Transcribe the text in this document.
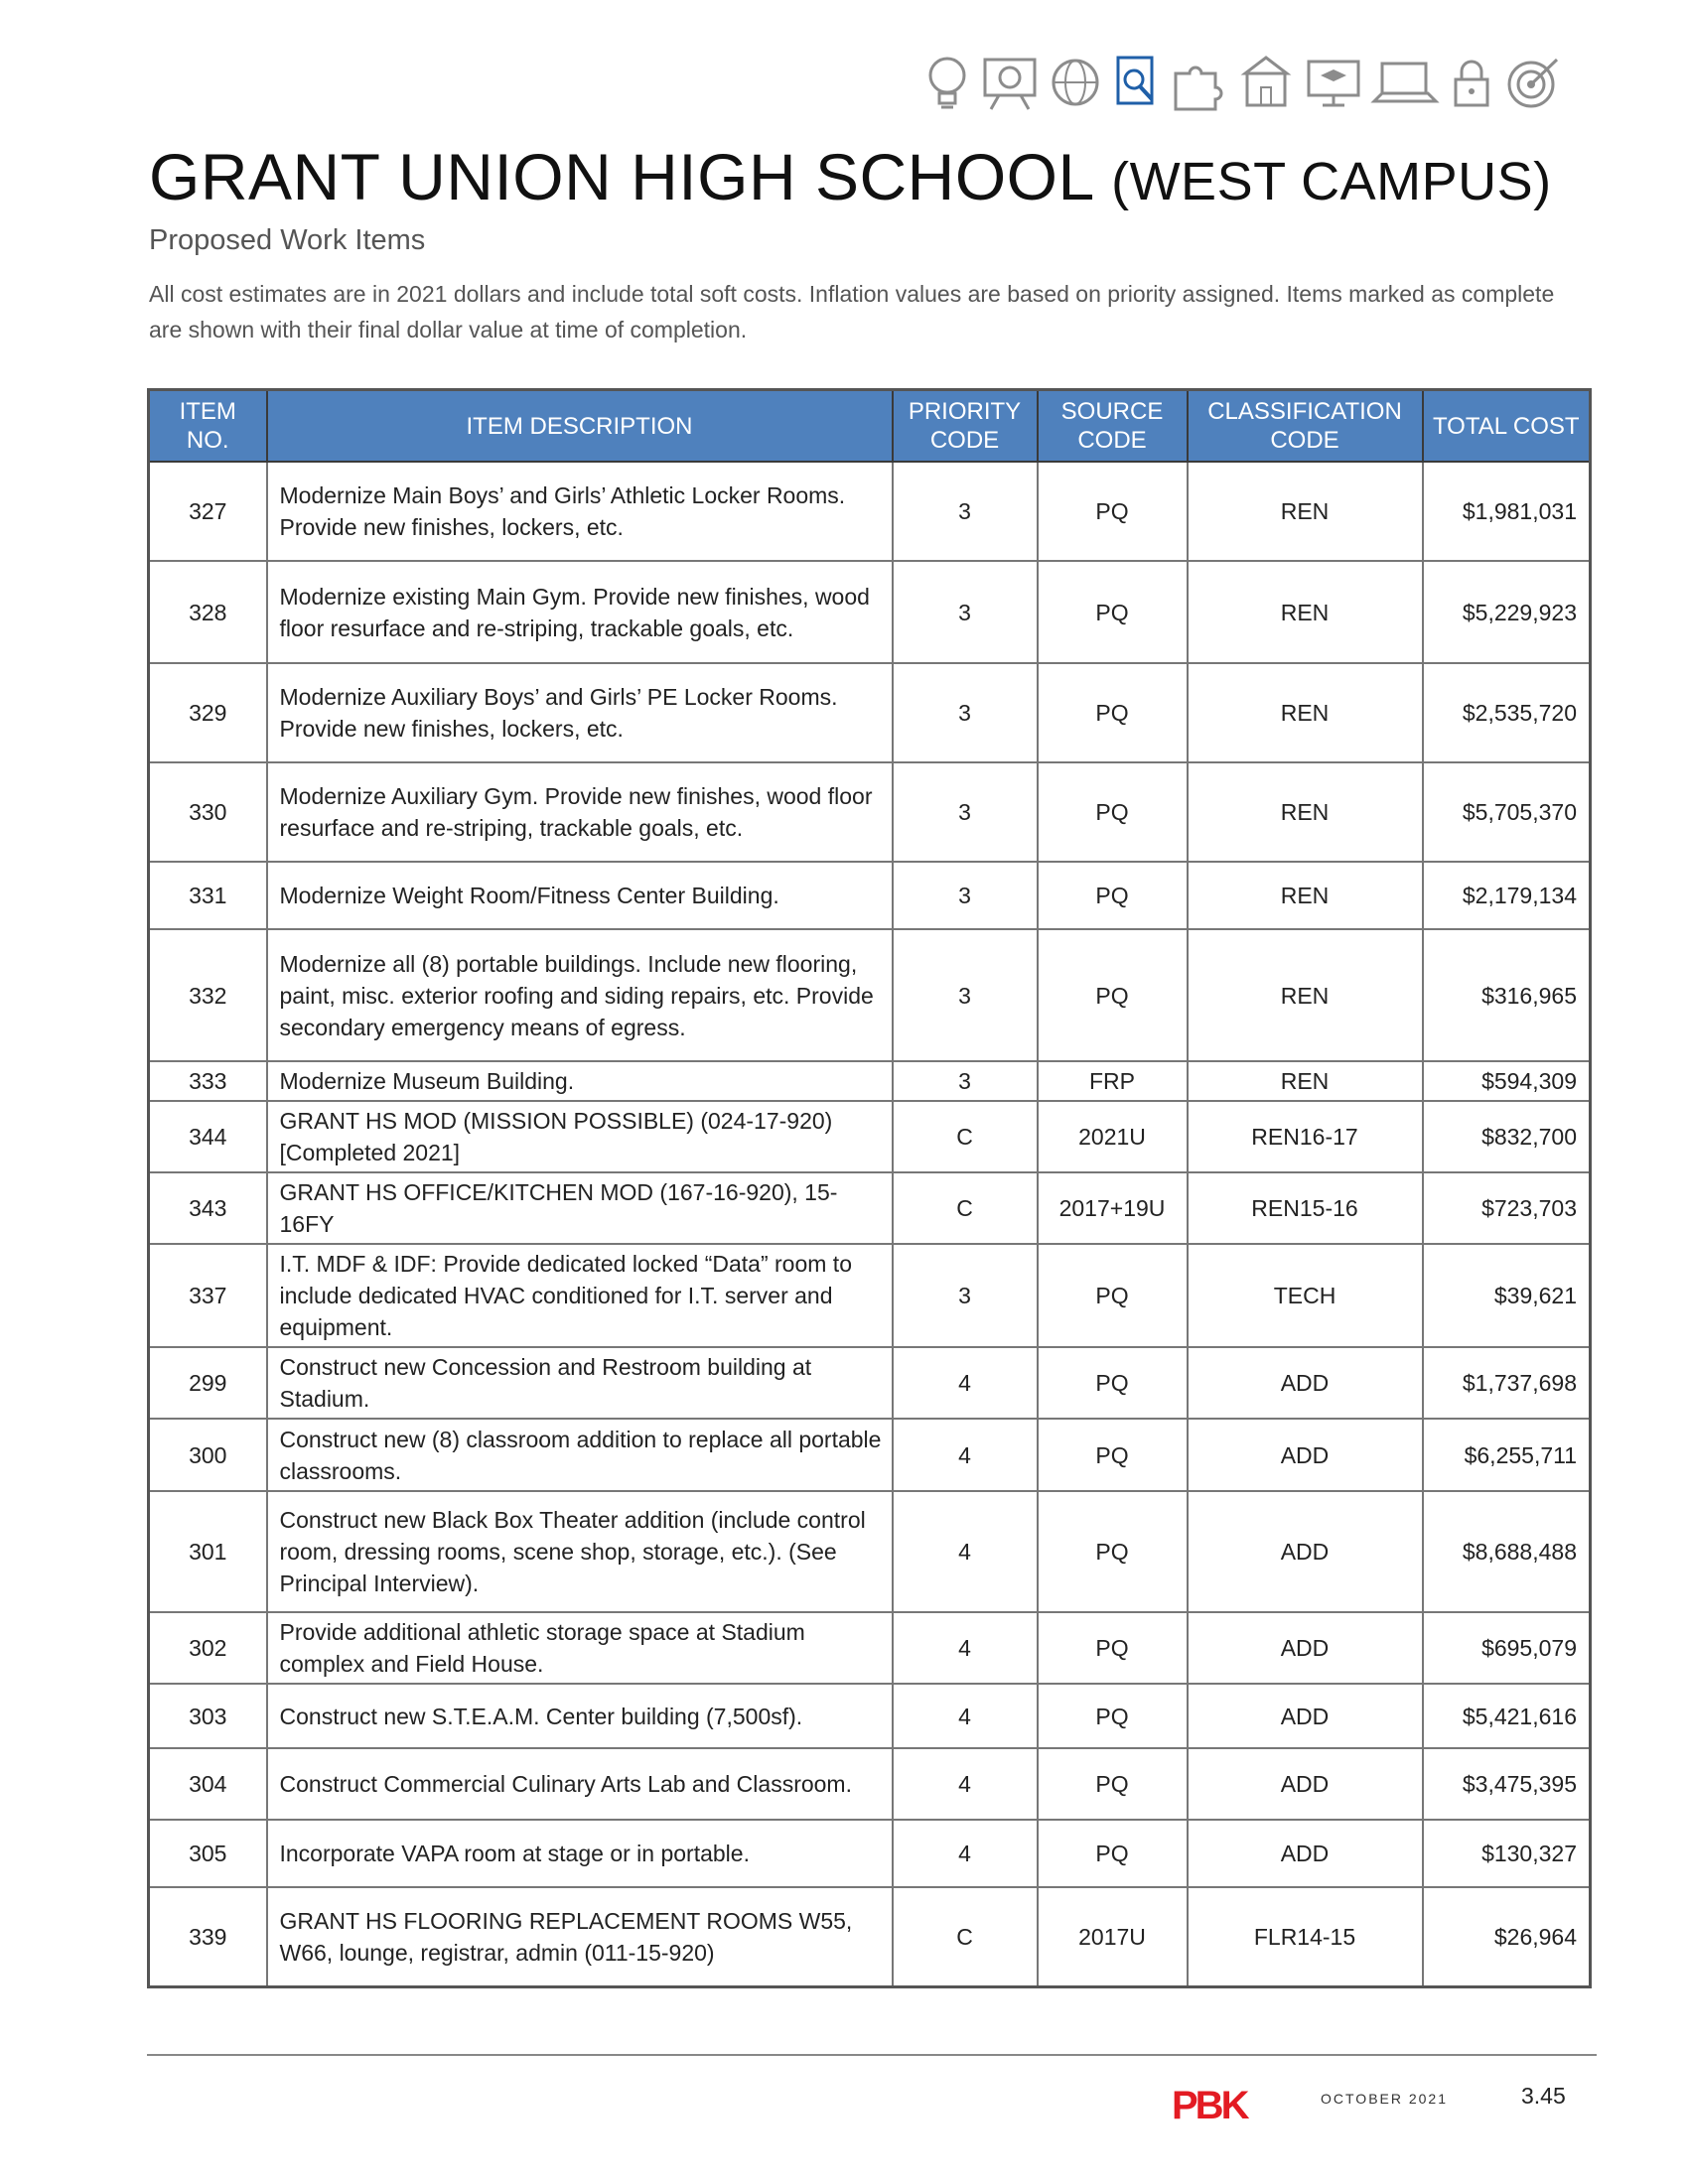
GRANT UNION HIGH SCHOOL (WEST CAMPUS)
Proposed Work Items
All cost estimates are in 2021 dollars and include total soft costs. Inflation values are based on priority assigned. Items marked as complete are shown with their final dollar value at time of completion.
ITEM NO.	ITEM DESCRIPTION	PRIORITY CODE	SOURCE CODE	CLASSIFICATION CODE	TOTAL COST
327	Modernize Main Boys’ and Girls’ Athletic Locker Rooms. Provide new finishes, lockers, etc.	3	PQ	REN	$1,981,031
328	Modernize existing Main Gym. Provide new finishes, wood floor resurface and re-striping, trackable goals, etc.	3	PQ	REN	$5,229,923
329	Modernize Auxiliary Boys’ and Girls’ PE Locker Rooms. Provide new finishes, lockers, etc.	3	PQ	REN	$2,535,720
330	Modernize Auxiliary Gym. Provide new finishes, wood floor resurface and re-striping, trackable goals, etc.	3	PQ	REN	$5,705,370
331	Modernize Weight Room/Fitness Center Building.	3	PQ	REN	$2,179,134
332	Modernize all (8) portable buildings. Include new flooring, paint, misc. exterior roofing and siding repairs, etc. Provide secondary emergency means of egress.	3	PQ	REN	$316,965
333	Modernize Museum Building.	3	FRP	REN	$594,309
344	GRANT HS MOD (MISSION POSSIBLE) (024-17-920) [Completed 2021]	C	2021U	REN16-17	$832,700
343	GRANT HS OFFICE/KITCHEN MOD (167-16-920), 15-16FY	C	2017+19U	REN15-16	$723,703
337	I.T. MDF & IDF: Provide dedicated locked “Data” room to include dedicated HVAC conditioned for I.T. server and equipment.	3	PQ	TECH	$39,621
299	Construct new Concession and Restroom building at Stadium.	4	PQ	ADD	$1,737,698
300	Construct new (8) classroom addition to replace all portable classrooms.	4	PQ	ADD	$6,255,711
301	Construct new Black Box Theater addition (include control room, dressing rooms, scene shop, storage, etc.). (See Principal Interview).	4	PQ	ADD	$8,688,488
302	Provide additional athletic storage space at Stadium complex and Field House.	4	PQ	ADD	$695,079
303	Construct new S.T.E.A.M. Center building (7,500sf).	4	PQ	ADD	$5,421,616
304	Construct Commercial Culinary Arts Lab and Classroom.	4	PQ	ADD	$3,475,395
305	Incorporate VAPA room at stage or in portable.	4	PQ	ADD	$130,327
339	GRANT HS FLOORING REPLACEMENT ROOMS W55, W66, lounge, registrar, admin (011-15-920)	C	2017U	FLR14-15	$26,964
PBK	OCTOBER 2021	3.45
